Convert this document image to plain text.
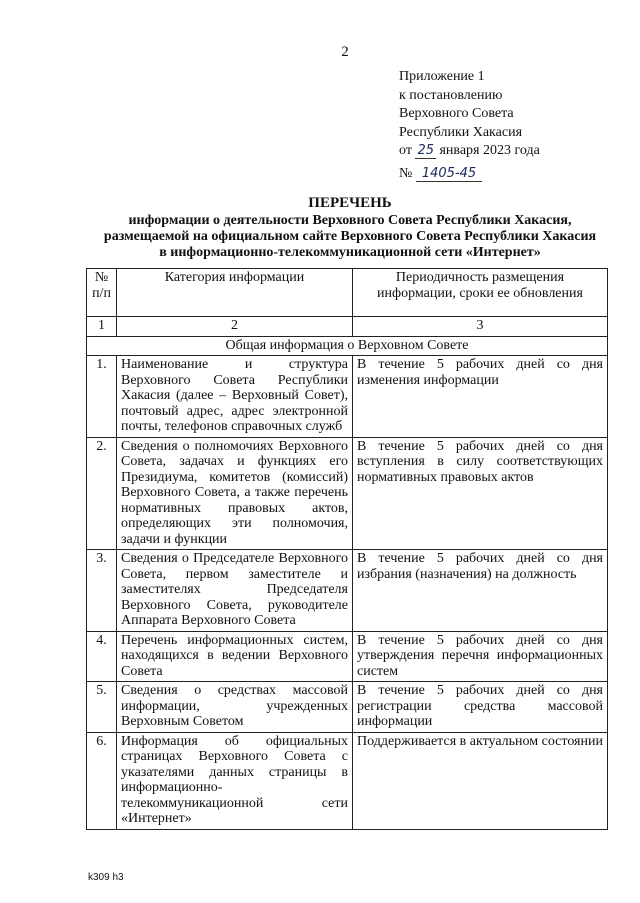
2
Приложение 1
к постановлению
Верховного Совета
Республики Хакасия
от 25 января 2023 года
№ 1405-45
ПЕРЕЧЕНЬ
информации о деятельности Верховного Совета Республики Хакасия,
размещаемой на официальном сайте Верховного Совета Республики Хакасия
в информационно-телекоммуникационной сети «Интернет»
№ п/п	Категория информации	Периодичность размещения информации, сроки ее обновления
1	2	3
Общая информация о Верховном Совете		
1.	Наименование и структура Верховного Совета Республики Хакасия (далее – Верховный Совет), почтовый адрес, адрес электронной почты, телефонов справочных служб	В течение 5 рабочих дней со дня изменения информации
2.	Сведения о полномочиях Верховного Совета, задачах и функциях его Президиума, комитетов (комиссий) Верховного Совета, а также перечень нормативных правовых актов, определяющих эти полномочия, задачи и функции	В течение 5 рабочих дней со дня вступления в силу соответствующих нормативных правовых актов
3.	Сведения о Председателе Верховного Совета, первом заместителе и заместителях Председателя Верховного Совета, руководителе Аппарата Верховного Совета	В течение 5 рабочих дней со дня избрания (назначения) на должность
4.	Перечень информационных систем, находящихся в ведении Верховного Совета	В течение 5 рабочих дней со дня утверждения перечня информационных систем
5.	Сведения о средствах массовой информации, учрежденных Верховным Советом	В течение 5 рабочих дней со дня регистрации средства массовой информации
6.	Информация об официальных страницах Верховного Совета с указателями данных страницы в информационно-телекоммуникационной сети «Интернет»	Поддерживается в актуальном состоянии
k309 h3
